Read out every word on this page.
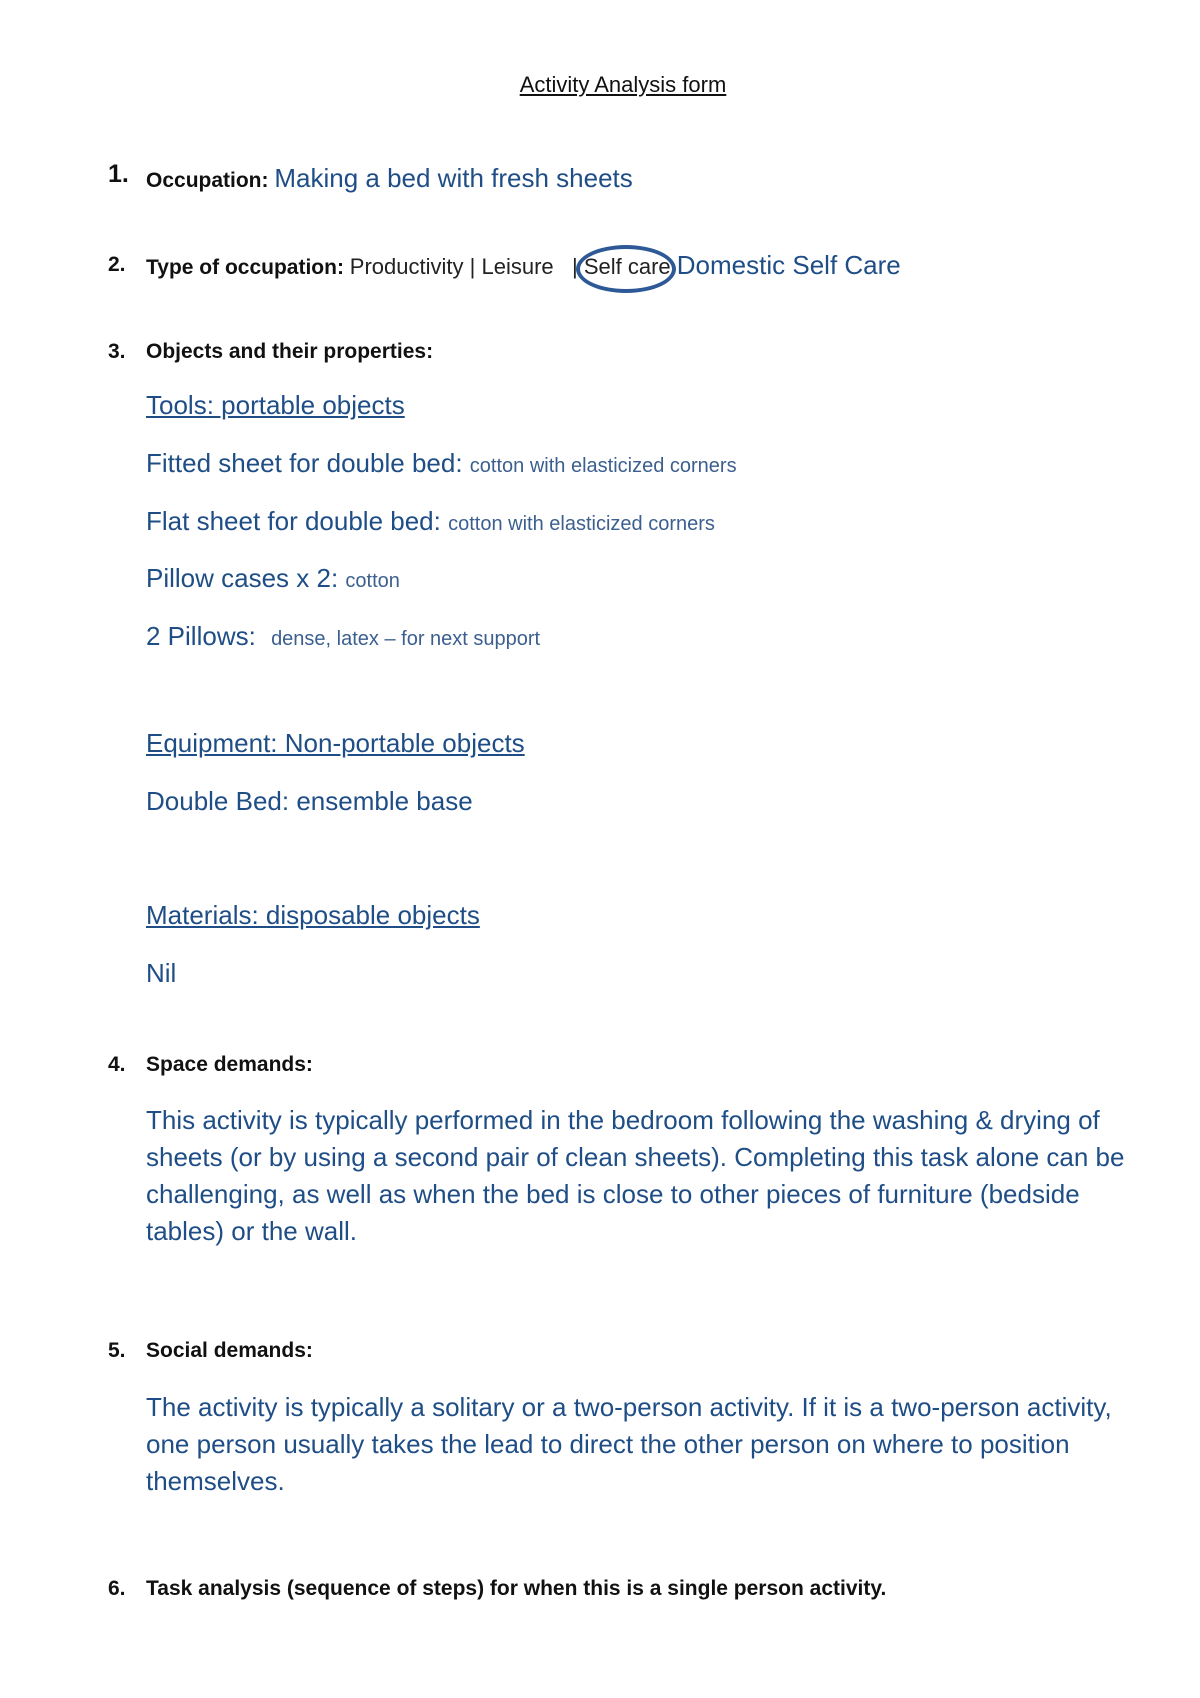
Activity Analysis form
1. Occupation: Making a bed with fresh sheets
2. Type of occupation: Productivity | Leisure | Self care Domestic Self Care
3. Objects and their properties:
Tools: portable objects
Fitted sheet for double bed: cotton with elasticized corners
Flat sheet for double bed: cotton with elasticized corners
Pillow cases x 2: cotton
2 Pillows: dense, latex – for next support
Equipment: Non-portable objects
Double Bed: ensemble base
Materials: disposable objects
Nil
4. Space demands:
This activity is typically performed in the bedroom following the washing & drying of sheets (or by using a second pair of clean sheets). Completing this task alone can be challenging, as well as when the bed is close to other pieces of furniture (bedside tables) or the wall.
5. Social demands:
The activity is typically a solitary or a two-person activity. If it is a two-person activity, one person usually takes the lead to direct the other person on where to position themselves.
6. Task analysis (sequence of steps) for when this is a single person activity.
